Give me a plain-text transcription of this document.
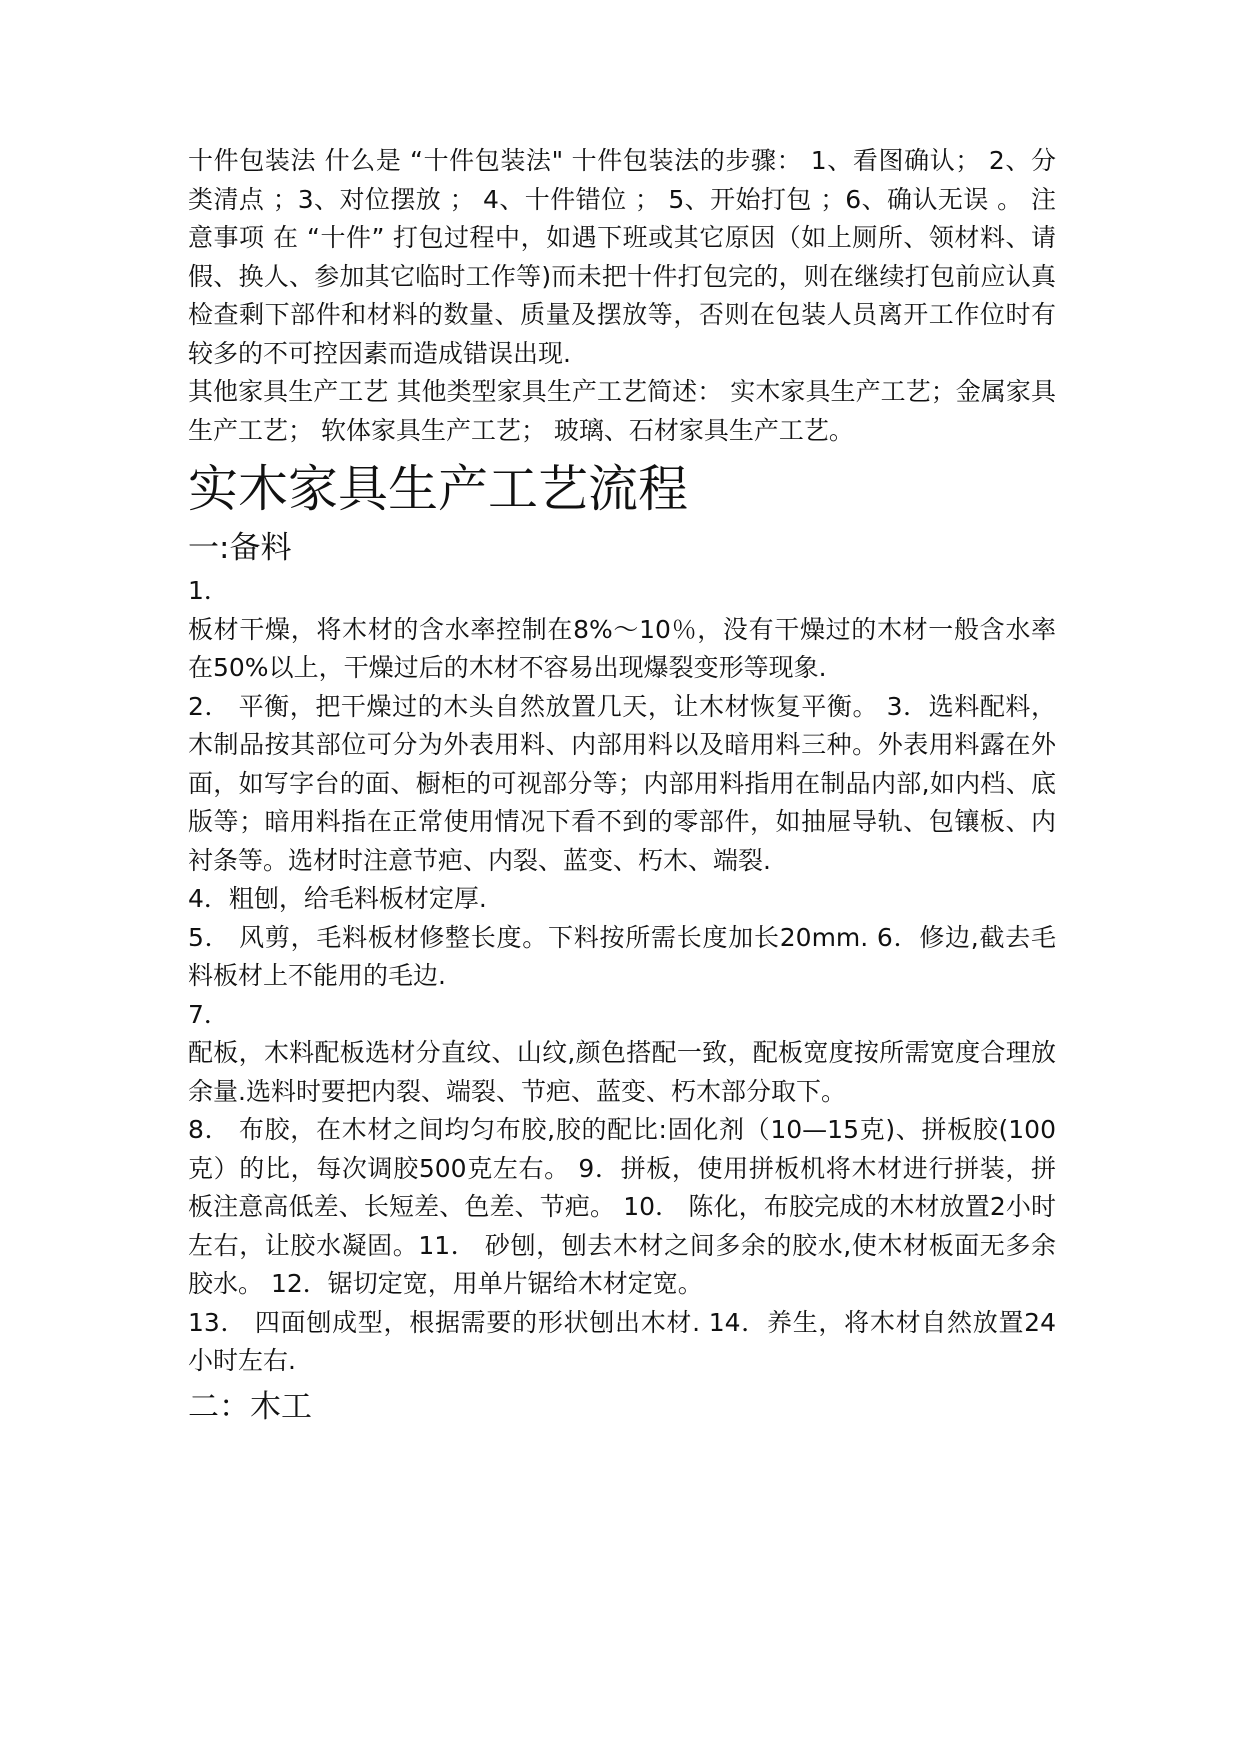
十件包装法 什么是 “十件包装法" 十件包装法的步骤： 1、看图确认； 2、分类清点 ；3、对位摆放 ； 4、十件错位 ； 5、开始打包 ；6、确认无误 。 注意事项 在 “十件” 打包过程中，如遇下班或其它原因（如上厕所、领材料、请假、换人、参加其它临时工作等)而未把十件打包完的，则在继续打包前应认真检查剩下部件和材料的数量、质量及摆放等，否则在包装人员离开工作位时有较多的不可控因素而造成错误出现.

其他家具生产工艺 其他类型家具生产工艺简述： 实木家具生产工艺；金属家具生产工艺； 软体家具生产工艺； 玻璃、石材家具生产工艺。

实木家具生产工艺流程
一:备料

1．

板材干燥，将木材的含水率控制在8%～10％，没有干燥过的木材一般含水率在50%以上，干燥过后的木材不容易出现爆裂变形等现象.

2． 平衡，把干燥过的木头自然放置几天，让木材恢复平衡。 3．选料配料，木制品按其部位可分为外表用料、内部用料以及暗用料三种。外表用料露在外面，如写字台的面、橱柜的可视部分等；内部用料指用在制品内部,如内档、底版等；暗用料指在正常使用情况下看不到的零部件，如抽屉导轨、包镶板、内衬条等。选材时注意节疤、内裂、蓝变、朽木、端裂.

4．粗刨，给毛料板材定厚.

5． 风剪，毛料板材修整长度。下料按所需长度加长20mm. 6．修边,截去毛料板材上不能用的毛边.

7．

配板，木料配板选材分直纹、山纹,颜色搭配一致，配板宽度按所需宽度合理放余量.选料时要把内裂、端裂、节疤、蓝变、朽木部分取下。

8． 布胶，在木材之间均匀布胶,胶的配比:固化剂（10—15克)、拼板胶(100克）的比，每次调胶500克左右。 9．拼板，使用拼板机将木材进行拼装，拼板注意高低差、长短差、色差、节疤。 10． 陈化，布胶完成的木材放置2小时左右，让胶水凝固。11． 砂刨，刨去木材之间多余的胶水,使木材板面无多余胶水。 12．锯切定宽，用单片锯给木材定宽。

13． 四面刨成型，根据需要的形状刨出木材. 14．养生，将木材自然放置24小时左右.

二：木工
